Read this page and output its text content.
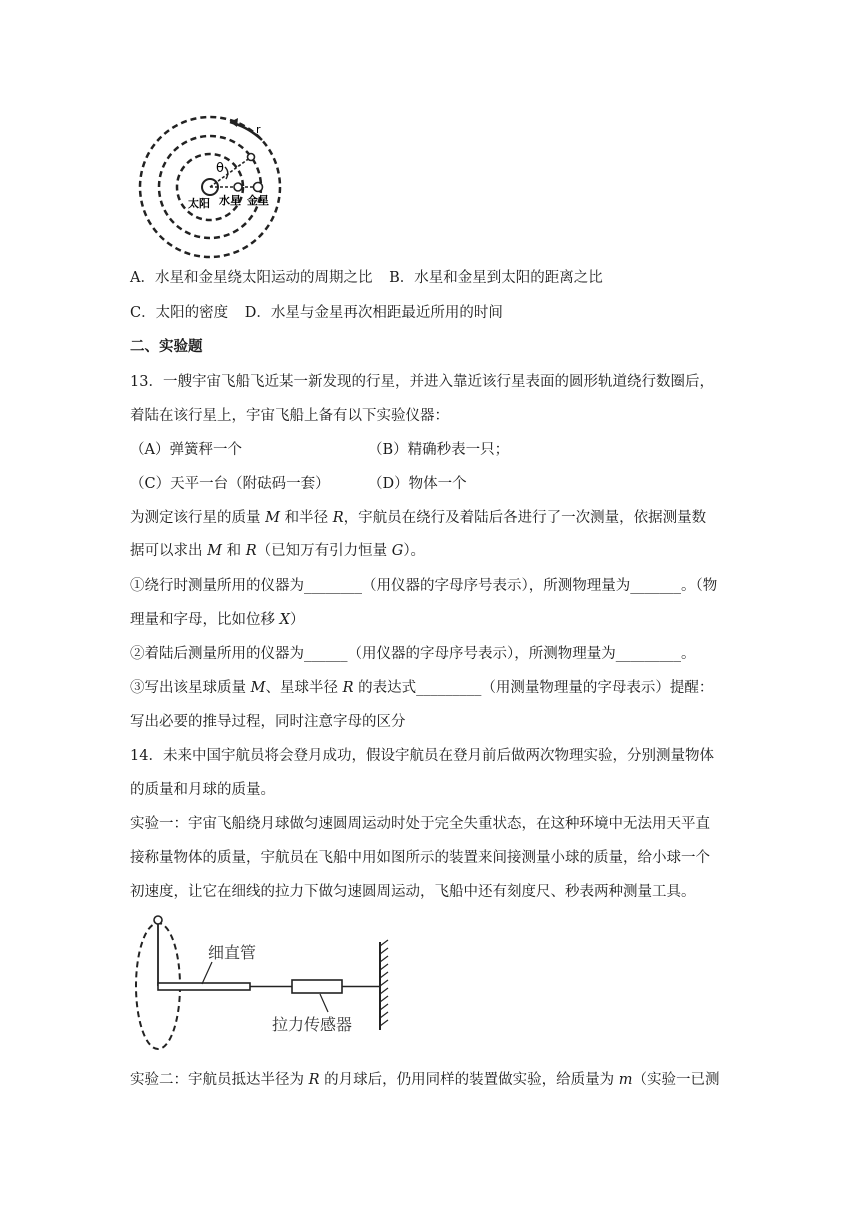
θ
r
太阳 水星 金星
A．水星和金星绕太阳运动的周期之比 B．水星和金星到太阳的距离之比
C．太阳的密度 D．水星与金星再次相距最近所用的时间
二、实验题
13．一艘宇宙飞船飞近某一新发现的行星，并进入靠近该行星表面的圆形轨道绕行数圈后，
着陆在该行星上，宇宙飞船上备有以下实验仪器：
（A）弹簧秤一个	（B）精确秒表一只；
（C）天平一台（附砝码一套）	（D）物体一个
为测定该行星的质量 M 和半径 R，宇航员在绕行及着陆后各进行了一次测量，依据测量数
据可以求出 M 和 R（已知万有引力恒量 G）。
①绕行时测量所用的仪器为________（用仪器的字母序号表示），所测物理量为_______。（物
理量和字母，比如位移 X）
②着陆后测量所用的仪器为______（用仪器的字母序号表示），所测物理量为_________。
③写出该星球质量 M、星球半径 R 的表达式_________（用测量物理量的字母表示）提醒：
写出必要的推导过程，同时注意字母的区分
14．未来中国宇航员将会登月成功，假设宇航员在登月前后做两次物理实验，分别测量物体
的质量和月球的质量。
实验一：宇宙飞船绕月球做匀速圆周运动时处于完全失重状态，在这种环境中无法用天平直
接称量物体的质量，宇航员在飞船中用如图所示的装置来间接测量小球的质量，给小球一个
初速度，让它在细线的拉力下做匀速圆周运动，飞船中还有刻度尺、秒表两种测量工具。
细直管
拉力传感器
实验二：宇航员抵达半径为 R 的月球后，仍用同样的装置做实验，给质量为 m（实验一已测
